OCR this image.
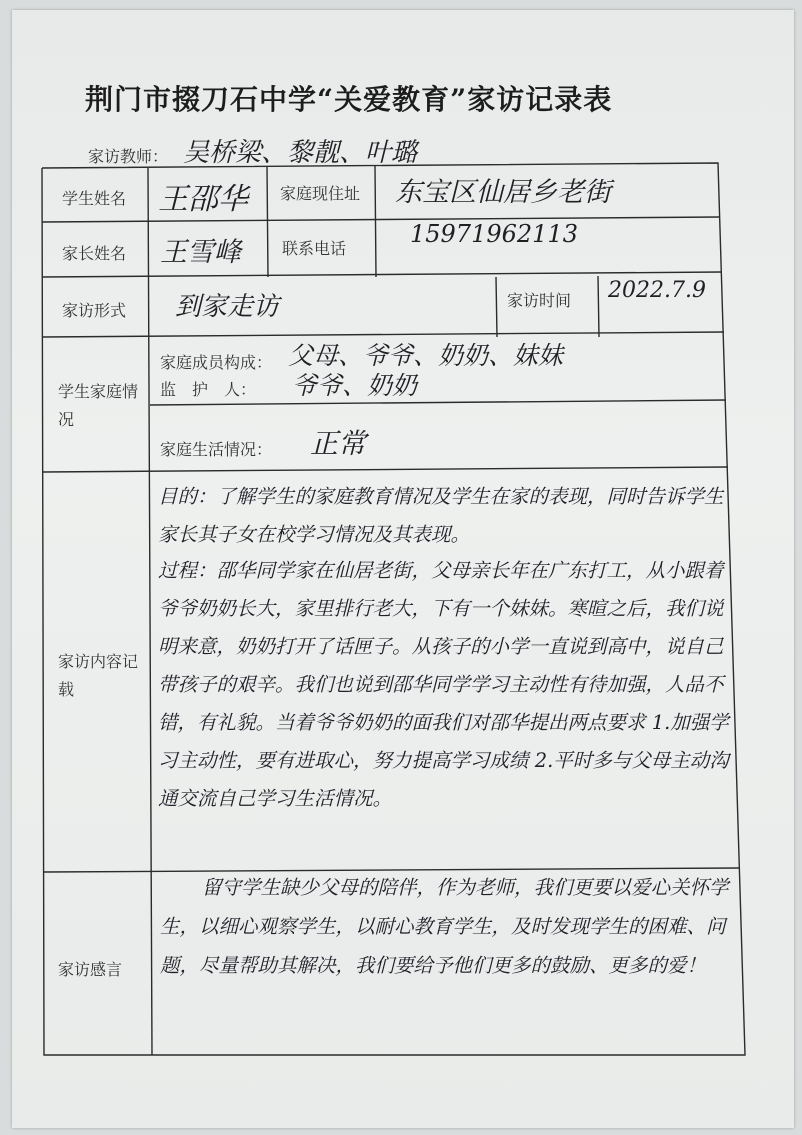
荆门市掇刀石中学“关爱教育”家访记录表
家访教师： 吴桥梁、黎靓、叶璐
学生姓名 王邵华 家庭现住址 东宝区仙居乡老街
家长姓名 王雪峰	联系电话
15971962113
家访形式 到家走访	家访时间 2022.7.9
学生家庭情况
家庭成员构成： 父母、爷爷、奶奶、妹妹
监　护　人： 爷爷、奶奶
家庭生活情况： 正常
家访内容记载
目的：了解学生的家庭教育情况及学生在家的表现，同时告诉学生家长其子女在校学习情况及其表现。
过程：邵华同学家在仙居老街，父母亲长年在广东打工，从小跟着爷爷奶奶长大，家里排行老大，下有一个妹妹。寒暄之后，我们说明来意，奶奶打开了话匣子。从孩子的小学一直说到高中，说自己带孩子的艰辛。我们也说到邵华同学学习主动性有待加强，人品不错，有礼貌。当着爷爷奶奶的面我们对邵华提出两点要求 1.加强学习主动性，要有进取心，努力提高学习成绩 2.平时多与父母主动沟通交流自己学习生活情况。
家访感言
留守学生缺少父母的陪伴，作为老师，我们更要以爱心关怀学生，以细心观察学生，以耐心教育学生，及时发现学生的困难、问题，尽量帮助其解决，我们要给予他们更多的鼓励、更多的爱！
